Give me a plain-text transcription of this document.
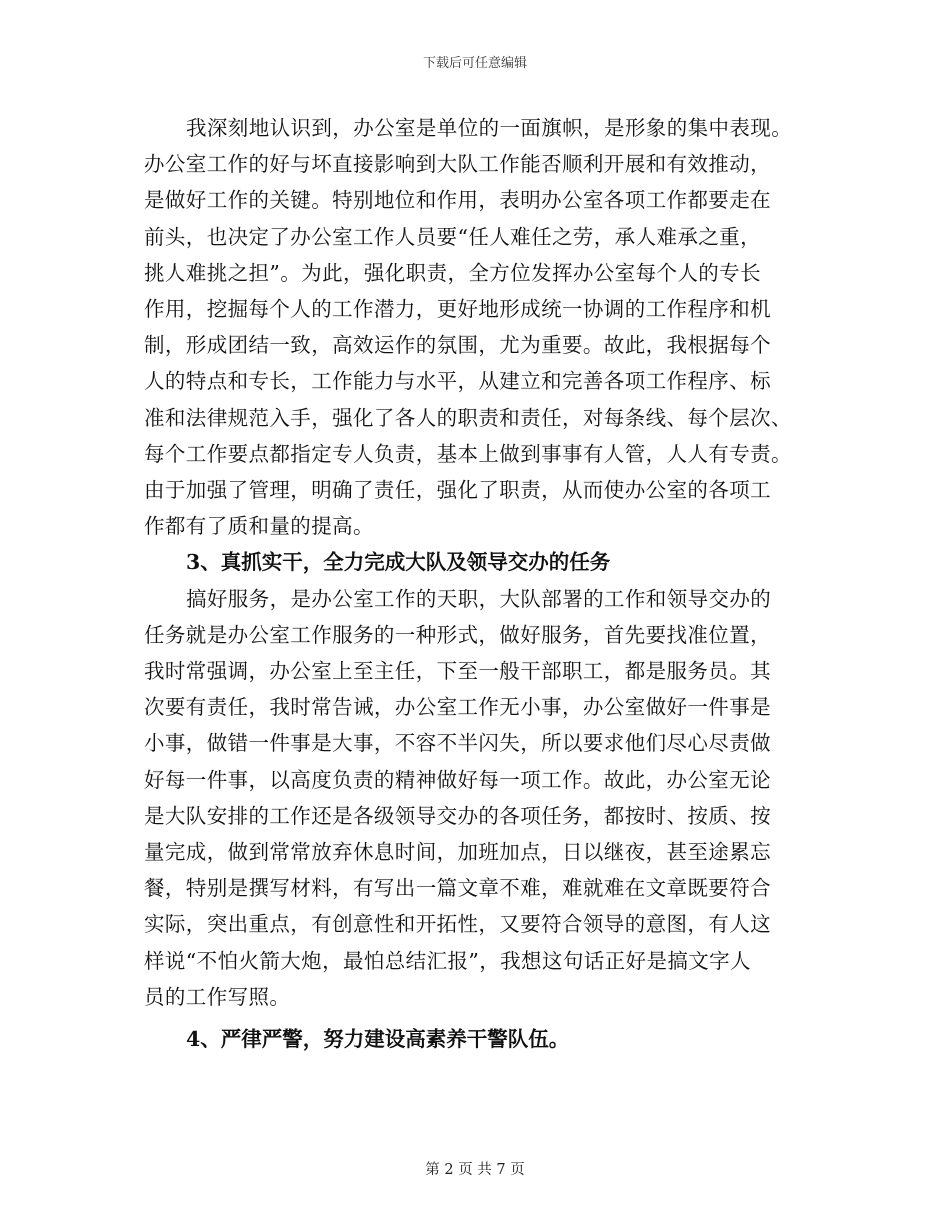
下载后可任意编辑
我深刻地认识到，办公室是单位的一面旗帜，是形象的集中表现。
办公室工作的好与坏直接影响到大队工作能否顺利开展和有效推动，
是做好工作的关键。特别地位和作用，表明办公室各项工作都要走在
前头，也决定了办公室工作人员要“任人难任之劳，承人难承之重，
挑人难挑之担”。为此，强化职责，全方位发挥办公室每个人的专长
作用，挖掘每个人的工作潜力，更好地形成统一协调的工作程序和机
制，形成团结一致，高效运作的氛围，尤为重要。故此，我根据每个
人的特点和专长，工作能力与水平，从建立和完善各项工作程序、标
准和法律规范入手，强化了各人的职责和责任，对每条线、每个层次、
每个工作要点都指定专人负责，基本上做到事事有人管，人人有专责。
由于加强了管理，明确了责任，强化了职责，从而使办公室的各项工
作都有了质和量的提高。
3、真抓实干，全力完成大队及领导交办的任务
搞好服务，是办公室工作的天职，大队部署的工作和领导交办的
任务就是办公室工作服务的一种形式，做好服务，首先要找准位置，
我时常强调，办公室上至主任，下至一般干部职工，都是服务员。其
次要有责任，我时常告诫，办公室工作无小事，办公室做好一件事是
小事，做错一件事是大事，不容不半闪失，所以要求他们尽心尽责做
好每一件事，以高度负责的精神做好每一项工作。故此，办公室无论
是大队安排的工作还是各级领导交办的各项任务，都按时、按质、按
量完成，做到常常放弃休息时间，加班加点，日以继夜，甚至途累忘
餐，特别是撰写材料，有写出一篇文章不难，难就难在文章既要符合
实际，突出重点，有创意性和开拓性，又要符合领导的意图，有人这
样说“不怕火箭大炮，最怕总结汇报”，我想这句话正好是搞文字人
员的工作写照。
4、严律严警，努力建设高素养干警队伍。
第 2 页 共 7 页
